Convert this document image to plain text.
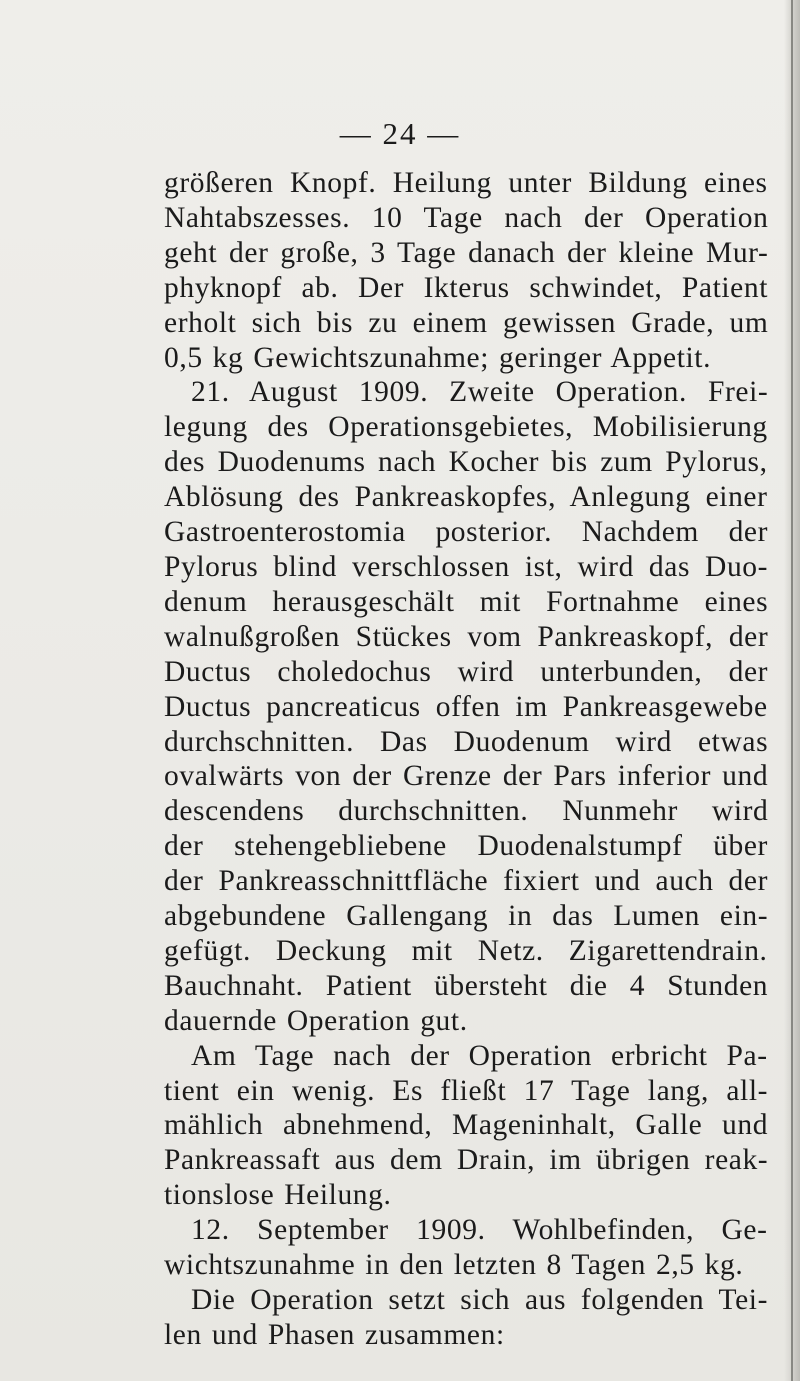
— 24 —
größeren Knopf. Heilung unter Bildung eines
Nahtabszesses. 10 Tage nach der Operation
geht der große, 3 Tage danach der kleine Mur-
phyknopf ab. Der Ikterus schwindet, Patient
erholt sich bis zu einem gewissen Grade, um
0,5 kg Gewichtszunahme; geringer Appetit.
21. August 1909. Zweite Operation. Frei-
legung des Operationsgebietes, Mobilisierung
des Duodenums nach Kocher bis zum Pylorus,
Ablösung des Pankreaskopfes, Anlegung einer
Gastroenterostomia posterior. Nachdem der
Pylorus blind verschlossen ist, wird das Duo-
denum herausgeschält mit Fortnahme eines
walnußgroßen Stückes vom Pankreaskopf, der
Ductus choledochus wird unterbunden, der
Ductus pancreaticus offen im Pankreasgewebe
durchschnitten. Das Duodenum wird etwas
ovalwärts von der Grenze der Pars inferior und
descendens durchschnitten. Nunmehr wird
der stehengebliebene Duodenalstumpf über
der Pankreasschnittfläche fixiert und auch der
abgebundene Gallengang in das Lumen ein-
gefügt. Deckung mit Netz. Zigarettendrain.
Bauchnaht. Patient übersteht die 4 Stunden
dauernde Operation gut.
Am Tage nach der Operation erbricht Pa-
tient ein wenig. Es fließt 17 Tage lang, all-
mählich abnehmend, Mageninhalt, Galle und
Pankreassaft aus dem Drain, im übrigen reak-
tionslose Heilung.
12. September 1909. Wohlbefinden, Ge-
wichtszunahme in den letzten 8 Tagen 2,5 kg.
Die Operation setzt sich aus folgenden Tei-
len und Phasen zusammen:
